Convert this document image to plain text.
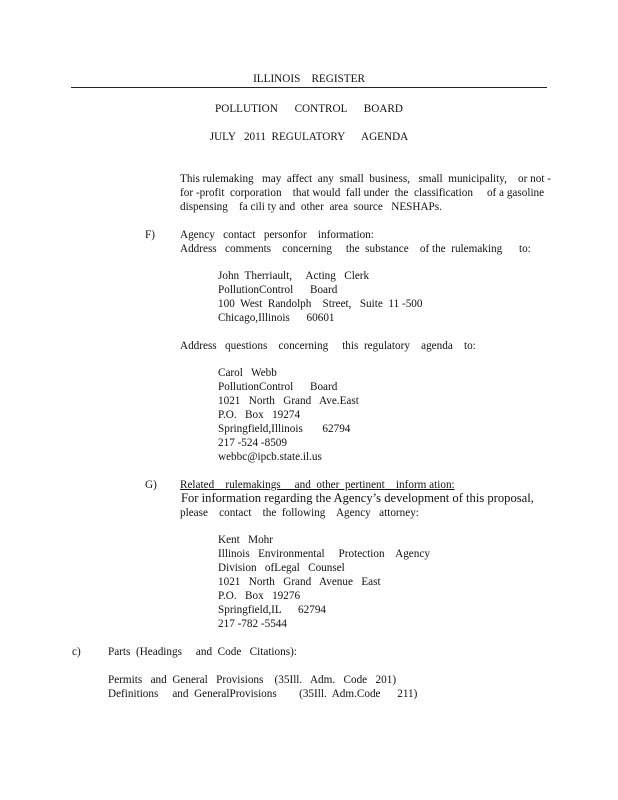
ILLINOIS    REGISTER
POLLUTION      CONTROL      BOARD
JULY   2011  REGULATORY      AGENDA
This rulemaking   may  affect  any  small  business,   small  municipality,    or not -
for -profit  corporation    that would  fall under  the  classification     of a gasoline
dispensing    fa cili ty and  other  area  source   NESHAPs.
F) Agency   contact   personfor    information:
Address   comments    concerning     the  substance    of the  rulemaking      to:
John  Therriault,     Acting   Clerk
PollutionControl      Board
100  West  Randolph    Street,   Suite  11 -500
Chicago,Illinois      60601
Address   questions    concerning     this  regulatory    agenda    to:
Carol   Webb
PollutionControl      Board
1021   North   Grand   Ave.East
P.O.   Box   19274
Springfield,Illinois       62794
217 -524 -8509
webbc@ipcb.state.il.us
G) Related    rulemakings     and  other  pertinent    inform ation:
For information regarding the Agency’s development of this proposal,
please    contact    the  following    Agency   attorney:
Kent   Mohr
Illinois   Environmental     Protection    Agency
Division   ofLegal   Counsel
1021   North   Grand   Avenue   East
P.O.   Box   19276
Springfield,IL      62794
217 -782 -5544
c) Parts  (Headings     and  Code   Citations):
Permits   and  General   Provisions    (35Ill.   Adm.   Code   201)
Definitions     and  GeneralProvisions        (35Ill.  Adm.Code      211)
